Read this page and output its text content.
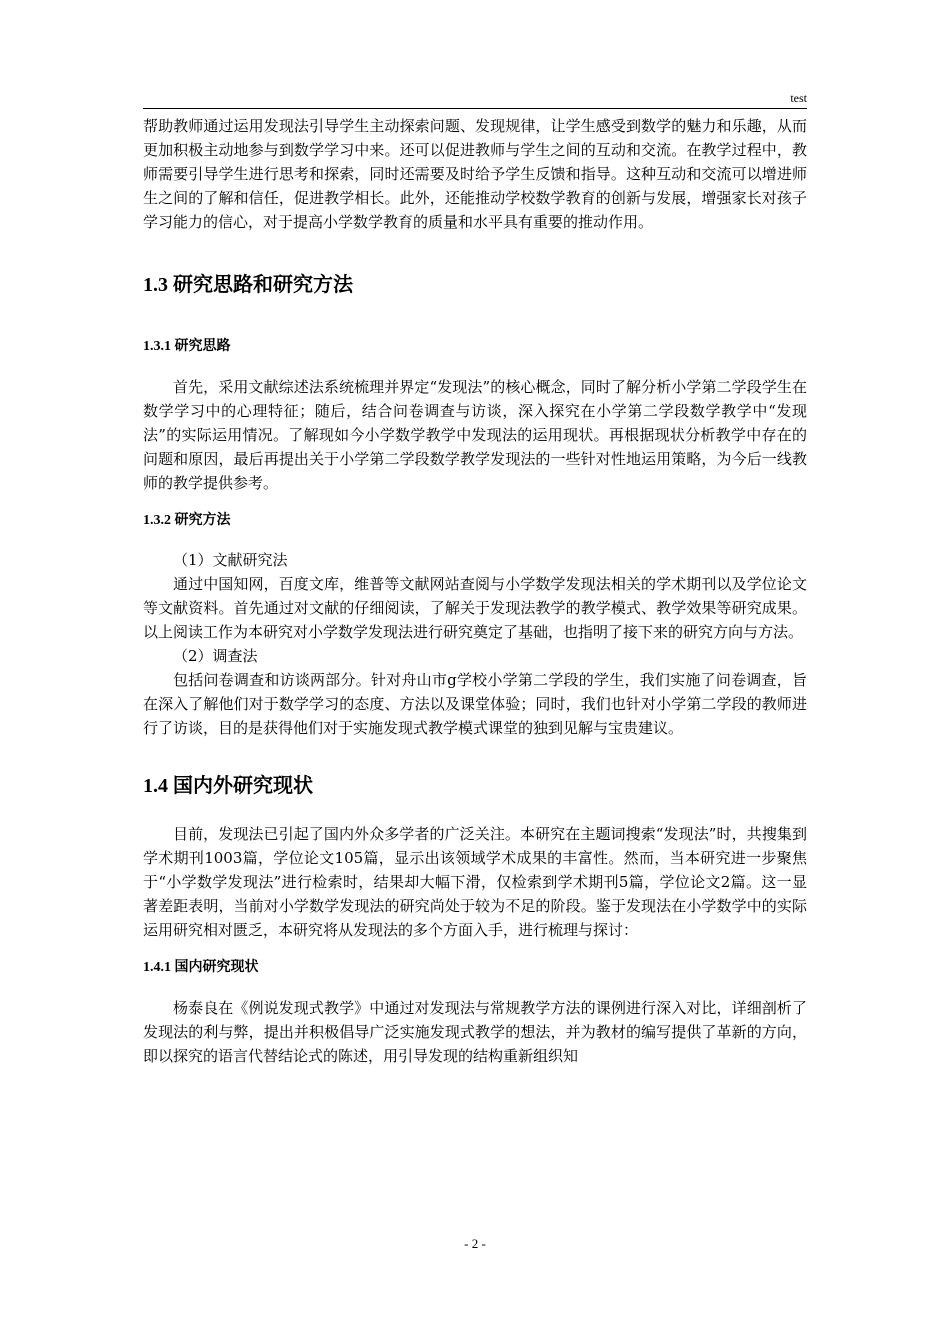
test

帮助教师通过运用发现法引导学生主动探索问题、发现规律，让学生感受到数学的魅力和乐趣，从而更加积极主动地参与到数学学习中来。还可以促进教师与学生之间的互动和交流。在教学过程中，教师需要引导学生进行思考和探索，同时还需要及时给予学生反馈和指导。这种互动和交流可以增进师生之间的了解和信任，促进教学相长。此外，还能推动学校数学教育的创新与发展，增强家长对孩子学习能力的信心，对于提高小学数学教育的质量和水平具有重要的推动作用。

1.3 研究思路和研究方法
1.3.1 研究思路

首先，采用文献综述法系统梳理并界定“发现法”的核心概念，同时了解分析小学第二学段学生在数学学习中的心理特征；随后，结合问卷调查与访谈，深入探究在小学第二学段数学教学中“发现法”的实际运用情况。了解现如今小学数学教学中发现法的运用现状。再根据现状分析教学中存在的问题和原因，最后再提出关于小学第二学段数学教学发现法的一些针对性地运用策略，为今后一线教师的教学提供参考。

1.3.2 研究方法

（1）文献研究法

通过中国知网，百度文库，维普等文献网站查阅与小学数学发现法相关的学术期刊以及学位论文等文献资料。首先通过对文献的仔细阅读，了解关于发现法教学的教学模式、教学效果等研究成果。以上阅读工作为本研究对小学数学发现法进行研究奠定了基础，也指明了接下来的研究方向与方法。

（2）调查法

包括问卷调查和访谈两部分。针对舟山市g学校小学第二学段的学生，我们实施了问卷调查，旨在深入了解他们对于数学学习的态度、方法以及课堂体验；同时，我们也针对小学第二学段的教师进行了访谈，目的是获得他们对于实施发现式教学模式课堂的独到见解与宝贵建议。

1.4 国内外研究现状

目前，发现法已引起了国内外众多学者的广泛关注。本研究在主题词搜索“发现法”时，共搜集到学术期刊1003篇，学位论文105篇，显示出该领域学术成果的丰富性。然而，当本研究进一步聚焦于“小学数学发现法”进行检索时，结果却大幅下滑，仅检索到学术期刊5篇，学位论文2篇。这一显著差距表明，当前对小学数学发现法的研究尚处于较为不足的阶段。鉴于发现法在小学数学中的实际运用研究相对匮乏，本研究将从发现法的多个方面入手，进行梳理与探讨：

1.4.1 国内研究现状

杨泰良在《例说发现式教学》中通过对发现法与常规教学方法的课例进行深入对比，详细剖析了发现法的利与弊，提出并积极倡导广泛实施发现式教学的想法，并为教材的编写提供了革新的方向，即以探究的语言代替结论式的陈述，用引导发现的结构重新组织知

- 2 -
